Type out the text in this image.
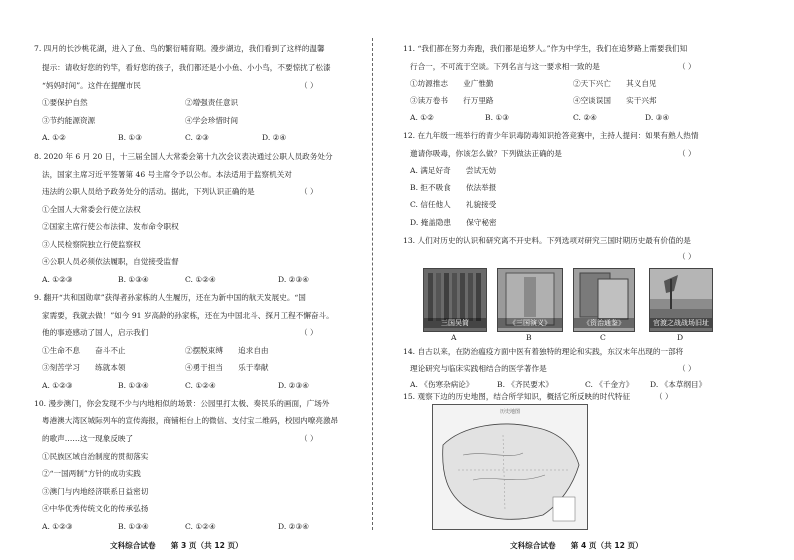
7. 四月的长沙桃花湖，进入了鱼、鸟的繁衍哺育期。漫步湖边，我们看到了这样的温馨
提示：请收好您的钓竿，看好您的孩子，我们都还是小小鱼、小小鸟，不要惊扰了松漆
“妈妈时间”。这件在提醒市民	（ ）
①要保护自然	②增强责任意识
③节约能源资源	④学会珍惜时间
A. ①②	B. ①③	C. ②③	D. ②④
8. 2020 年 6 月 20 日，十三届全国人大常委会第十九次会议表决通过公职人员政务处分
法，国家主席习近平签署第 46 号主席令予以公布。本法适用于监察机关对
违法的公职人员给予政务处分的活动。据此，下列认识正确的是	（ ）
①全国人大常委会行使立法权
②国家主席行使公布法律、发布命令职权
③人民检察院独立行使监察权
④公职人员必须依法履职，自觉接受监督
A. ①②③	B. ①③④	C. ①②④	D. ②③④
9. 翻开“共和国勋章”获得者孙家栋的人生履历，还在为新中国的航天发展史。“国
家需要，我就去做！”如今 91 岁高龄的孙家栋，还在为中国北斗、探月工程不懈奋斗。
他的事迹感动了国人，启示我们	（ ）
①生命不息　　奋斗不止	②摆脱束缚　　追求自由
③刻苦学习　　练就本领	④勇于担当　　乐于奉献
A. ①②③	B. ①③④	C. ①②④	D. ②③④
10. 漫步澳门，你会发现不少与内地相似的场景：公园里打太极、奏民乐的画面，广场外
粤港澳大湾区城际列车的宣传海报，商铺柜台上的微信、支付宝二维码，校园内嘹亮激昂
的歌声……这一现象反映了	（ ）
①民族区域自治制度的贯彻落实
②“一国两制”方针的成功实践
③澳门与内地经济联系日益密切
④中华优秀传统文化的传承弘扬
A. ①②③	B. ①③④	C. ①②④	D. ②③④
文科综合试卷　　第 3 页（共 12 页）
11. “我们都在努力奔跑，我们都是追梦人。”作为中学生，我们在追梦路上需要我们知
行合一，不可流于空谈。下列名言与这一要求相一致的是	（ ）
①坊源推志　　业广惟勤	②天下兴亡　　其义自见
③读万卷书　　行万里路	④空谈误国　　实干兴邦
A. ①②	B. ①③	C. ②④	D. ③④
12. 在九年级一班举行的青少年识毒防毒知识抢答竞赛中，主持人提问：如果有熟人热情
邀请你吸毒，你该怎么做？下列做法正确的是	（ ）
A. 满足好奇　　尝试无妨
B. 拒不吸食　　依法举报
C. 信任他人　　礼貌接受
D. 掩盖隐患　　保守秘密
13. 人们对历史的认识和研究离不开史料。下列选项对研究三国时期历史最有价值的是
（ ）
三国吴简	《三国演义》	《资治通鉴》	官渡之战战场旧址
A	B	C	D
14. 自古以来，在防治瘟疫方面中医有着独特的理论和实践，东汉末年出现的一部将
理论研究与临床实践相结合的医学著作是	（ ）
A. 《伤寒杂病论》	B. 《齐民要术》	C. 《千金方》 D. 《本草纲目》
15. 观察下边的历史地图，结合所学知识，概括它所反映的时代特征	（ ）
历史地图
文科综合试卷　　第 4 页（共 12 页）
